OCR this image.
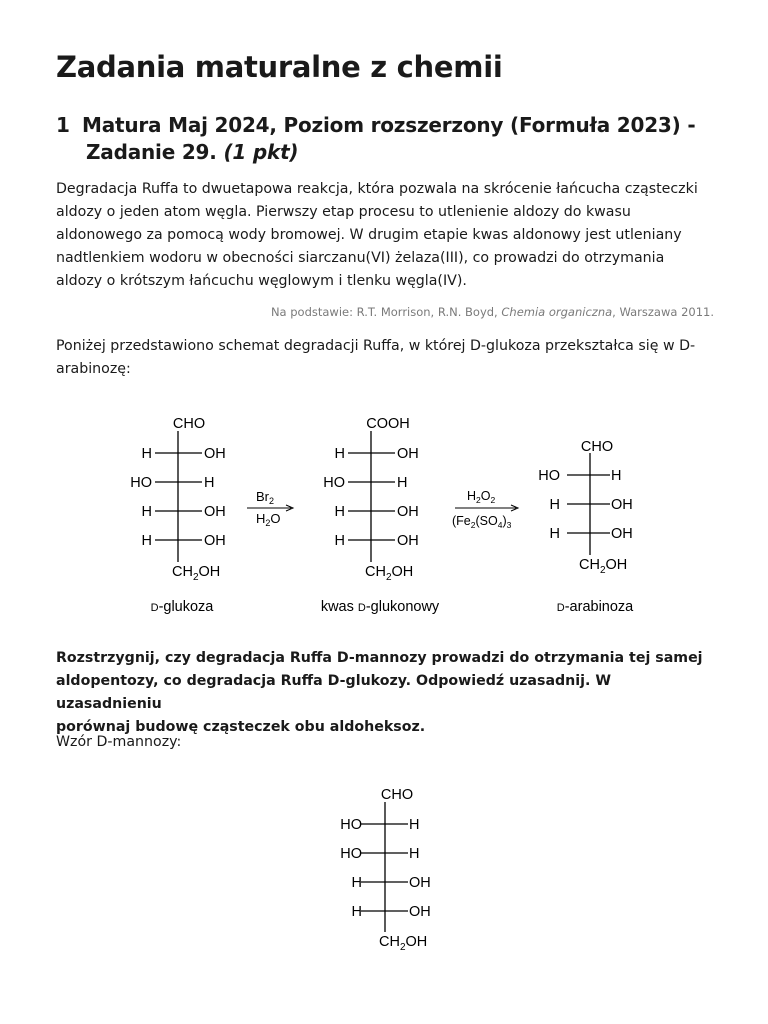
Zadania maturalne z chemii
1 Matura Maj 2024, Poziom rozszerzony (Formuła 2023) - Zadanie 29. (1 pkt)

Degradacja Ruffa to dwuetapowa reakcja, która pozwala na skrócenie łańcucha cząsteczki
aldozy o jeden atom węgla. Pierwszy etap procesu to utlenienie aldozy do kwasu
aldonowego za pomocą wody bromowej. W drugim etapie kwas aldonowy jest utleniany
nadtlenkiem wodoru w obecności siarczanu(VI) żelaza(III), co prowadzi do otrzymania
aldozy o krótszym łańcuchu węglowym i tlenku węgla(IV).

Na podstawie: R.T. Morrison, R.N. Boyd, Chemia organiczna, Warszawa 2011.

Poniżej przedstawiono schemat degradacji Ruffa, w której D-glukoza przekształca się w D-
arabinozę:

CHO
H	OH
HO	H
H	OH
H	OH
$CH_2OH$
D-glukoza
$Br_2$
$H_2O$
COOH
H	OH
HO	H
H	OH
H	OH
$CH_2OH$
kwas D-glukonowy
$H_2O_2$
($Fe_2(SO_4)_3$
CHO
HO	H
H	OH
H	OH
$CH_2OH$
D-arabinoza

Rozstrzygnij, czy degradacja Ruffa D-mannozy prowadzi do otrzymania tej samej
aldopentozy, co degradacja Ruffa D-glukozy. Odpowiedź uzasadnij. W uzasadnieniu
porównaj budowę cząsteczek obu aldoheksoz.

Wzór D-mannozy:

CHO
HO	H
HO	H
H	OH
H	OH
$CH_2OH$
